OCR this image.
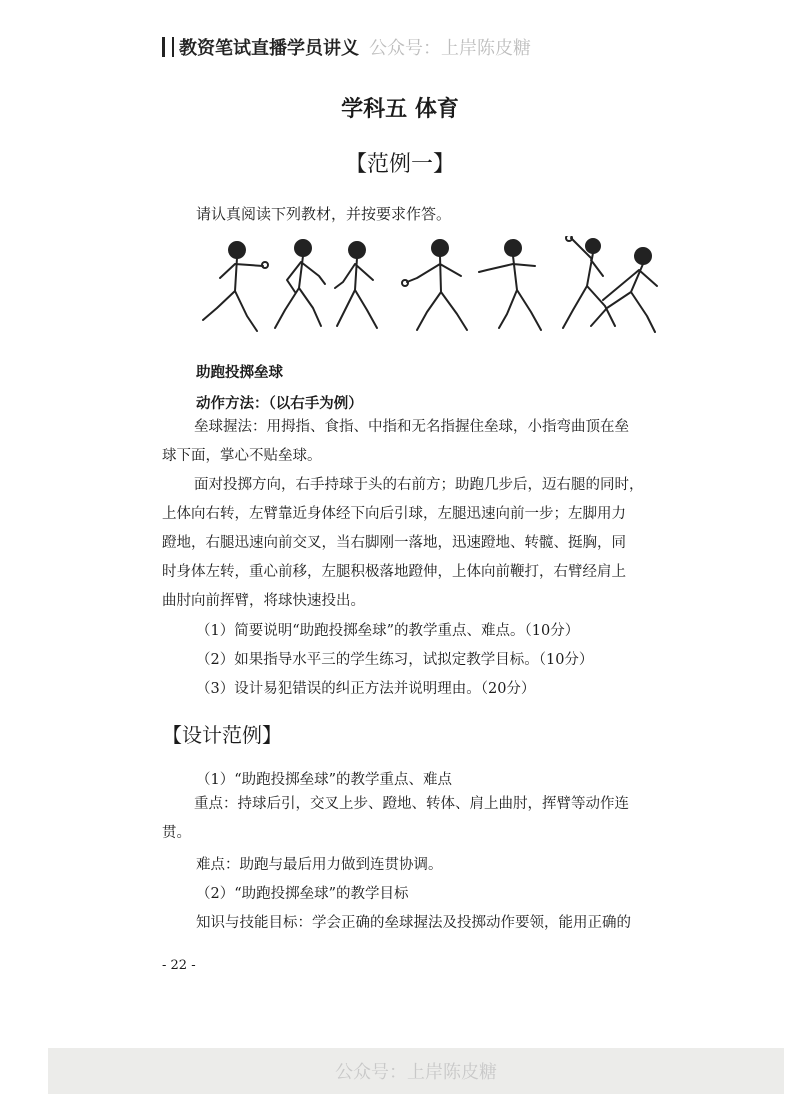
教资笔试直播学员讲义 公众号：上岸陈皮糖
学科五 体育
【范例一】
请认真阅读下列教材，并按要求作答。
助跑投掷垒球
动作方法：（以右手为例）
垒球握法：用拇指、食指、中指和无名指握住垒球，小指弯曲顶在垒
球下面，掌心不贴垒球。
面对投掷方向，右手持球于头的右前方；助跑几步后，迈右腿的同时，
上体向右转，左臂靠近身体经下向后引球，左腿迅速向前一步；左脚用力
蹬地，右腿迅速向前交叉，当右脚刚一落地，迅速蹬地、转髋、挺胸，同
时身体左转，重心前移，左腿积极落地蹬伸，上体向前鞭打，右臂经肩上
曲肘向前挥臂，将球快速投出。
（1）简要说明“助跑投掷垒球”的教学重点、难点。（10分）
（2）如果指导水平三的学生练习，试拟定教学目标。（10分）
（3）设计易犯错误的纠正方法并说明理由。（20分）
【设计范例】
（1）“助跑投掷垒球”的教学重点、难点
重点：持球后引，交叉上步、蹬地、转体、肩上曲肘，挥臂等动作连
贯。
难点：助跑与最后用力做到连贯协调。
（2）“助跑投掷垒球”的教学目标
知识与技能目标：学会正确的垒球握法及投掷动作要领，能用正确的
- 22 -
公众号：上岸陈皮糖
